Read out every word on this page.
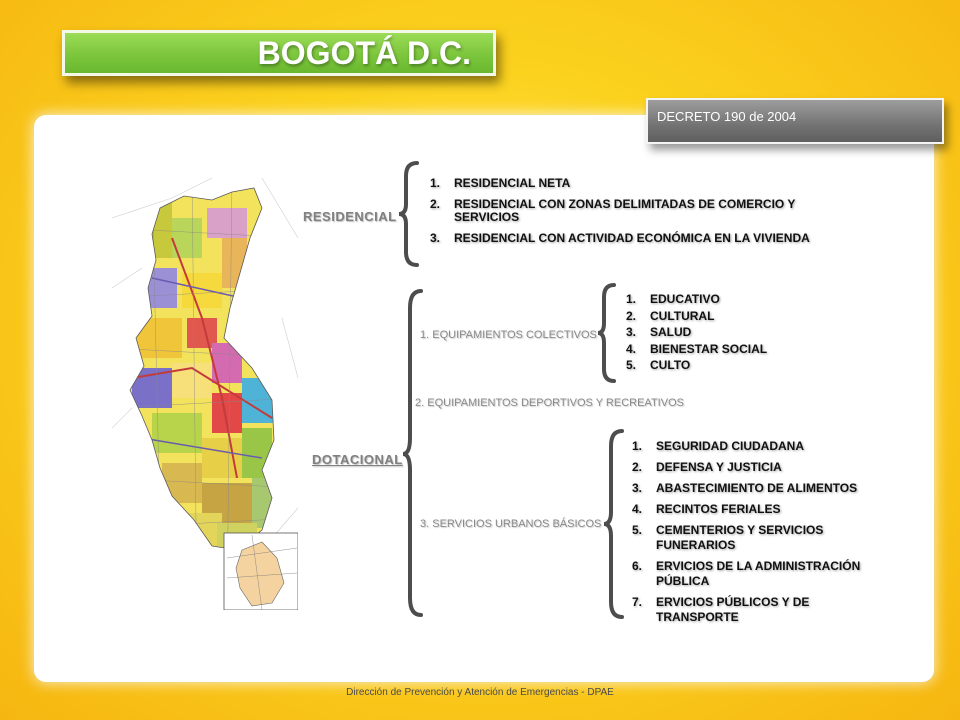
BOGOTÁ D.C.
DECRETO 190 de 2004
RESIDENCIAL
1. RESIDENCIAL NETA
2. RESIDENCIAL CON ZONAS DELIMITADAS DE COMERCIO Y SERVICIOS
3. RESIDENCIAL CON ACTIVIDAD ECONÓMICA EN LA VIVIENDA
DOTACIONAL
1. EQUIPAMIENTOS COLECTIVOS
2. EQUIPAMIENTOS DEPORTIVOS Y RECREATIVOS
3. SERVICIOS URBANOS BÁSICOS
1. EDUCATIVO
2. CULTURAL
3. SALUD
4. BIENESTAR SOCIAL
5. CULTO
1. SEGURIDAD CIUDADANA
2. DEFENSA Y JUSTICIA
3. ABASTECIMIENTO DE ALIMENTOS
4. RECINTOS FERIALES
5. CEMENTERIOS Y SERVICIOS FUNERARIOS
6. ERVICIOS DE LA ADMINISTRACIÓN PÚBLICA
7. ERVICIOS PÚBLICOS Y DE TRANSPORTE
Dirección de Prevención y Atención de Emergencias - DPAE
